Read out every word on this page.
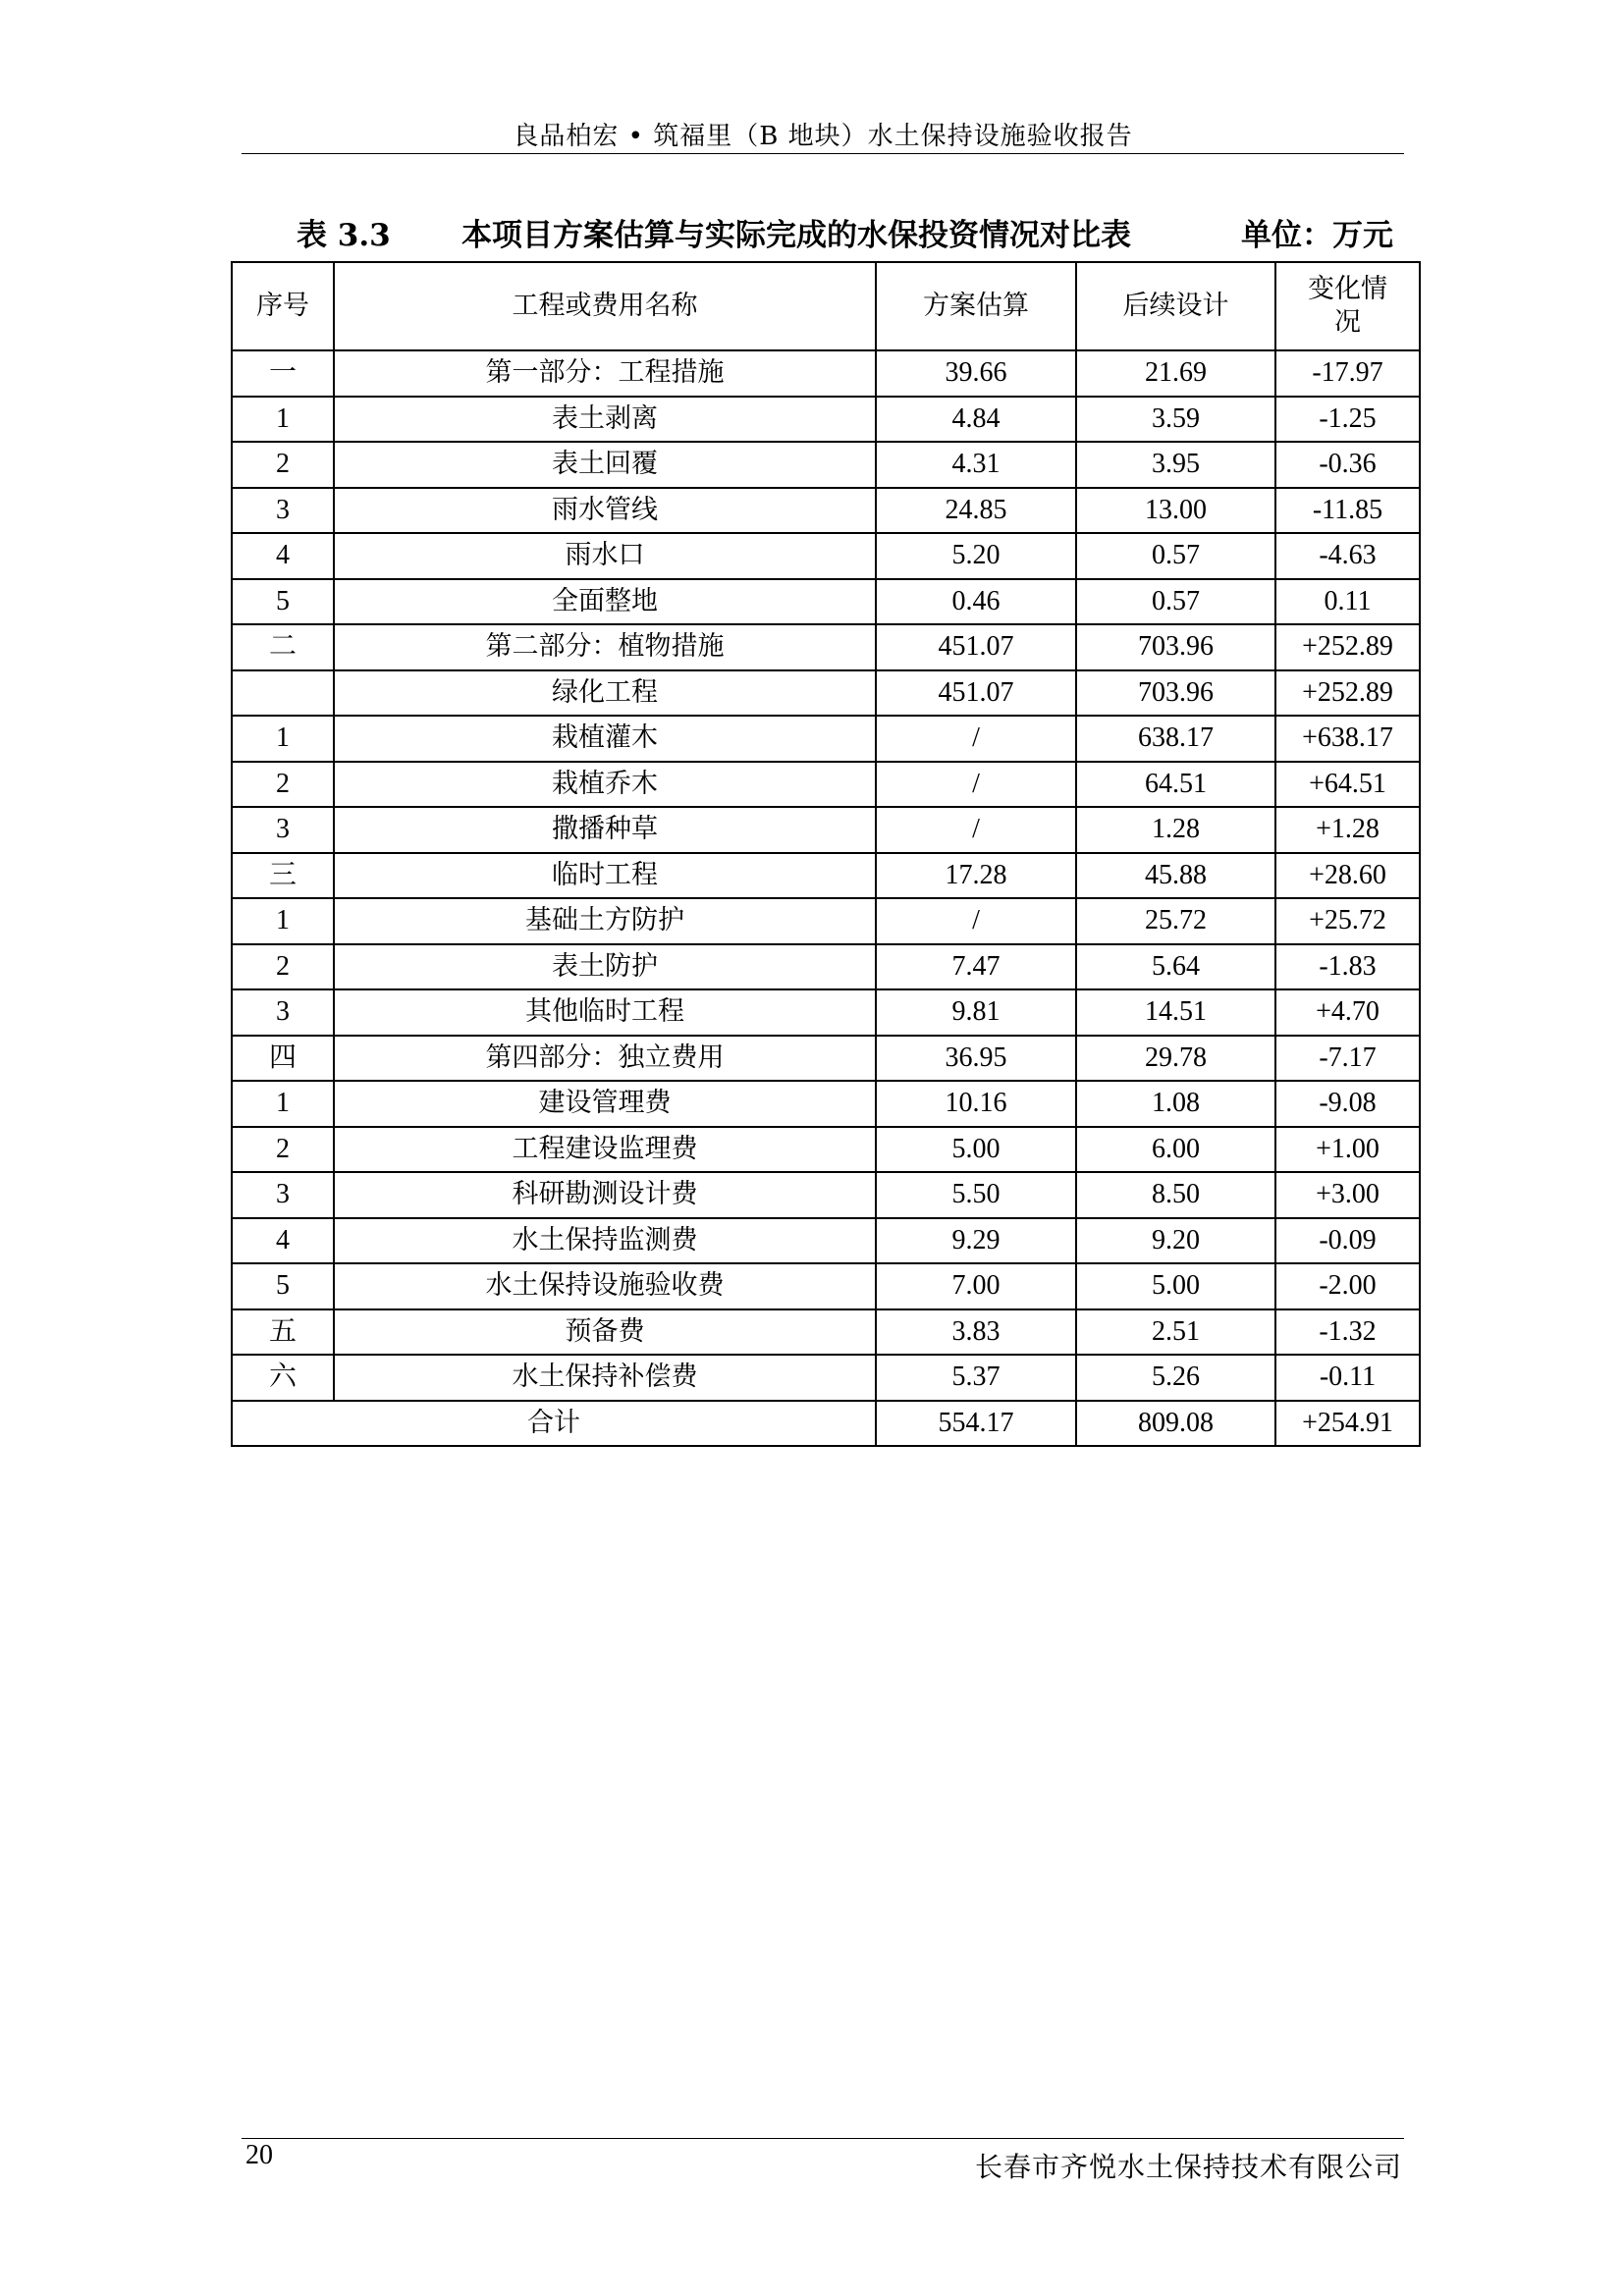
良品柏宏 • 筑福里（B 地块）水土保持设施验收报告
表 3.3 本项目方案估算与实际完成的水保投资情况对比表	单位：万元
序号	工程或费用名称	方案估算	后续设计	变化情况
一	第一部分：工程措施	39.66	21.69	-17.97
1	表土剥离	4.84	3.59	-1.25
2	表土回覆	4.31	3.95	-0.36
3	雨水管线	24.85	13.00	-11.85
4	雨水口	5.20	0.57	-4.63
5	全面整地	0.46	0.57	0.11
二	第二部分：植物措施	451.07	703.96	+252.89
	绿化工程	451.07	703.96	+252.89
1	栽植灌木	/	638.17	+638.17
2	栽植乔木	/	64.51	+64.51
3	撒播种草	/	1.28	+1.28
三	临时工程	17.28	45.88	+28.60
1	基础土方防护	/	25.72	+25.72
2	表土防护	7.47	5.64	-1.83
3	其他临时工程	9.81	14.51	+4.70
四	第四部分：独立费用	36.95	29.78	-7.17
1	建设管理费	10.16	1.08	-9.08
2	工程建设监理费	5.00	6.00	+1.00
3	科研勘测设计费	5.50	8.50	+3.00
4	水土保持监测费	9.29	9.20	-0.09
5	水土保持设施验收费	7.00	5.00	-2.00
五	预备费	3.83	2.51	-1.32
六	水土保持补偿费	5.37	5.26	-0.11
合计		554.17	809.08	+254.91
20	长春市齐悦水土保持技术有限公司
